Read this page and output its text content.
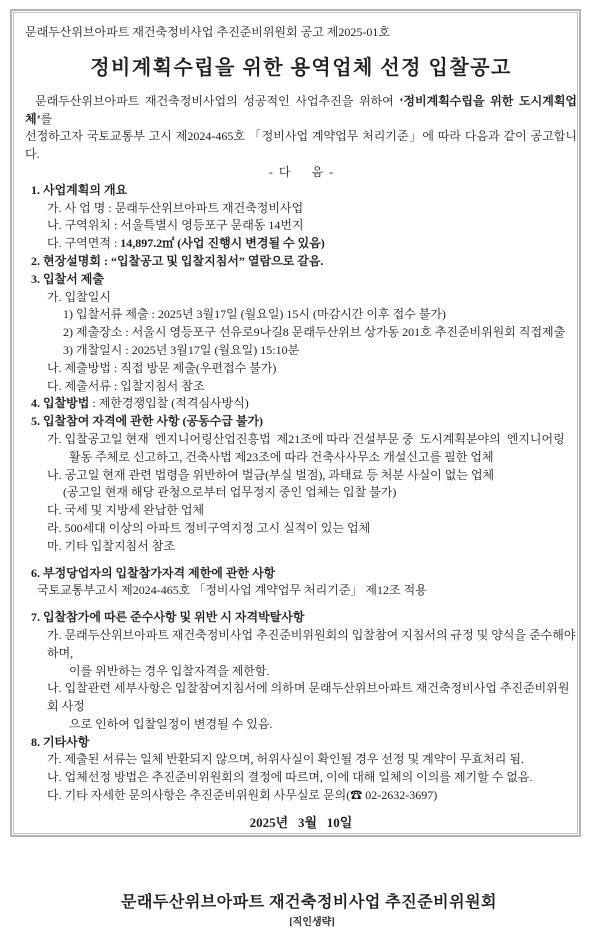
문래두산위브아파트 재건축정비사업 추진준비위원회 공고 제2025-01호
정비계획수립을 위한 용역업체 선정 입찰공고
문래두산위브아파트 재건축정비사업의 성공적인 사업추진을 위하여 ‘정비계획수립을 위한 도시계획업체’를
선정하고자 국토교통부 고시 제2024-465호 「정비사업 계약업무 처리기준」에 따라 다음과 같이 공고합니다.
-  다       음  -
1. 사업계획의 개요
가. 사 업 명 : 문래두산위브아파트 재건축정비사업
나. 구역위치 : 서울특별시 영등포구 문래동 14번지
다. 구역면적 : 14,897.2㎡ (사업 진행시 변경될 수 있음)
2. 현장설명회 : “입찰공고 및 입찰지침서” 열람으로 갈음.
3. 입찰서 제출
가. 입찰일시
1) 입찰서류 제출 : 2025년 3월17일 (월요일) 15시 (마감시간 이후 접수 불가)
2) 제출장소 : 서울시 영등포구 선유로9나길8 문래두산위브 상가동 201호 추진준비위원회 직접제출
3) 개찰일시 : 2025년 3월17일 (월요일) 15:10분
나. 제출방법 : 직접 방문 제출(우편접수 불가)
다. 제출서류 : 입찰지침서 참조
4. 입찰방법 : 제한경쟁입찰 (적격심사방식)
5. 입찰참여 자격에 관한 사항 (공동수급 불가)
가. 입찰공고일 현재  엔지니어링산업진흥법  제21조에 따라 건설부문 중  도시계획분야의  엔지니어링
활동 주체로 신고하고, 건축사법 제23조에 따라 건축사사무소 개설신고를 필한 업체
나. 공고일 현재 관련 법령을 위반하여 벌금(부실 벌점), 과태료 등 처분 사실이 없는 업체
(공고일 현재 해당 관청으로부터 업무정지 중인 업체는 입찰 불가)
다. 국세 및 지방세 완납한 업체
라. 500세대 이상의 아파트 정비구역지정 고시 실적이 있는 업체
마. 기타 입찰지침서 참조
6. 부정당업자의 입찰참가자격 제한에 관한 사항
국토교통부고시 제2024-465호 「정비사업 계약업무 처리기준」 제12조 적용
7. 입찰참가에 따른 준수사항 및 위반 시 자격박탈사항
가. 문래두산위브아파트 재건축정비사업 추진준비위원회의 입찰참여 지침서의 규정 및 양식을 준수해야 하며,
이를 위반하는 경우 입찰자격을 제한함.
나. 입찰관련 세부사항은 입찰참여지침서에 의하며 문래두산위브아파트 재건축정비사업 추진준비위원회 사정
으로 인하여 입찰일정이 변경될 수 있음.
8. 기타사항
가. 제출된 서류는 일체 반환되지 않으며, 허위사실이 확인될 경우 선정 및 계약이 무효처리 됨.
나. 업체선정 방법은 추진준비위원회의 결정에 따르며, 이에 대해 일체의 이의를 제기할 수 없음.
다. 기타 자세한 문의사항은 추진준비위원회 사무실로 문의(☎ 02-2632-3697)
2025년   3월   10일

문래두산위브아파트 재건축정비사업 추진준비위원회
[직인생략]
